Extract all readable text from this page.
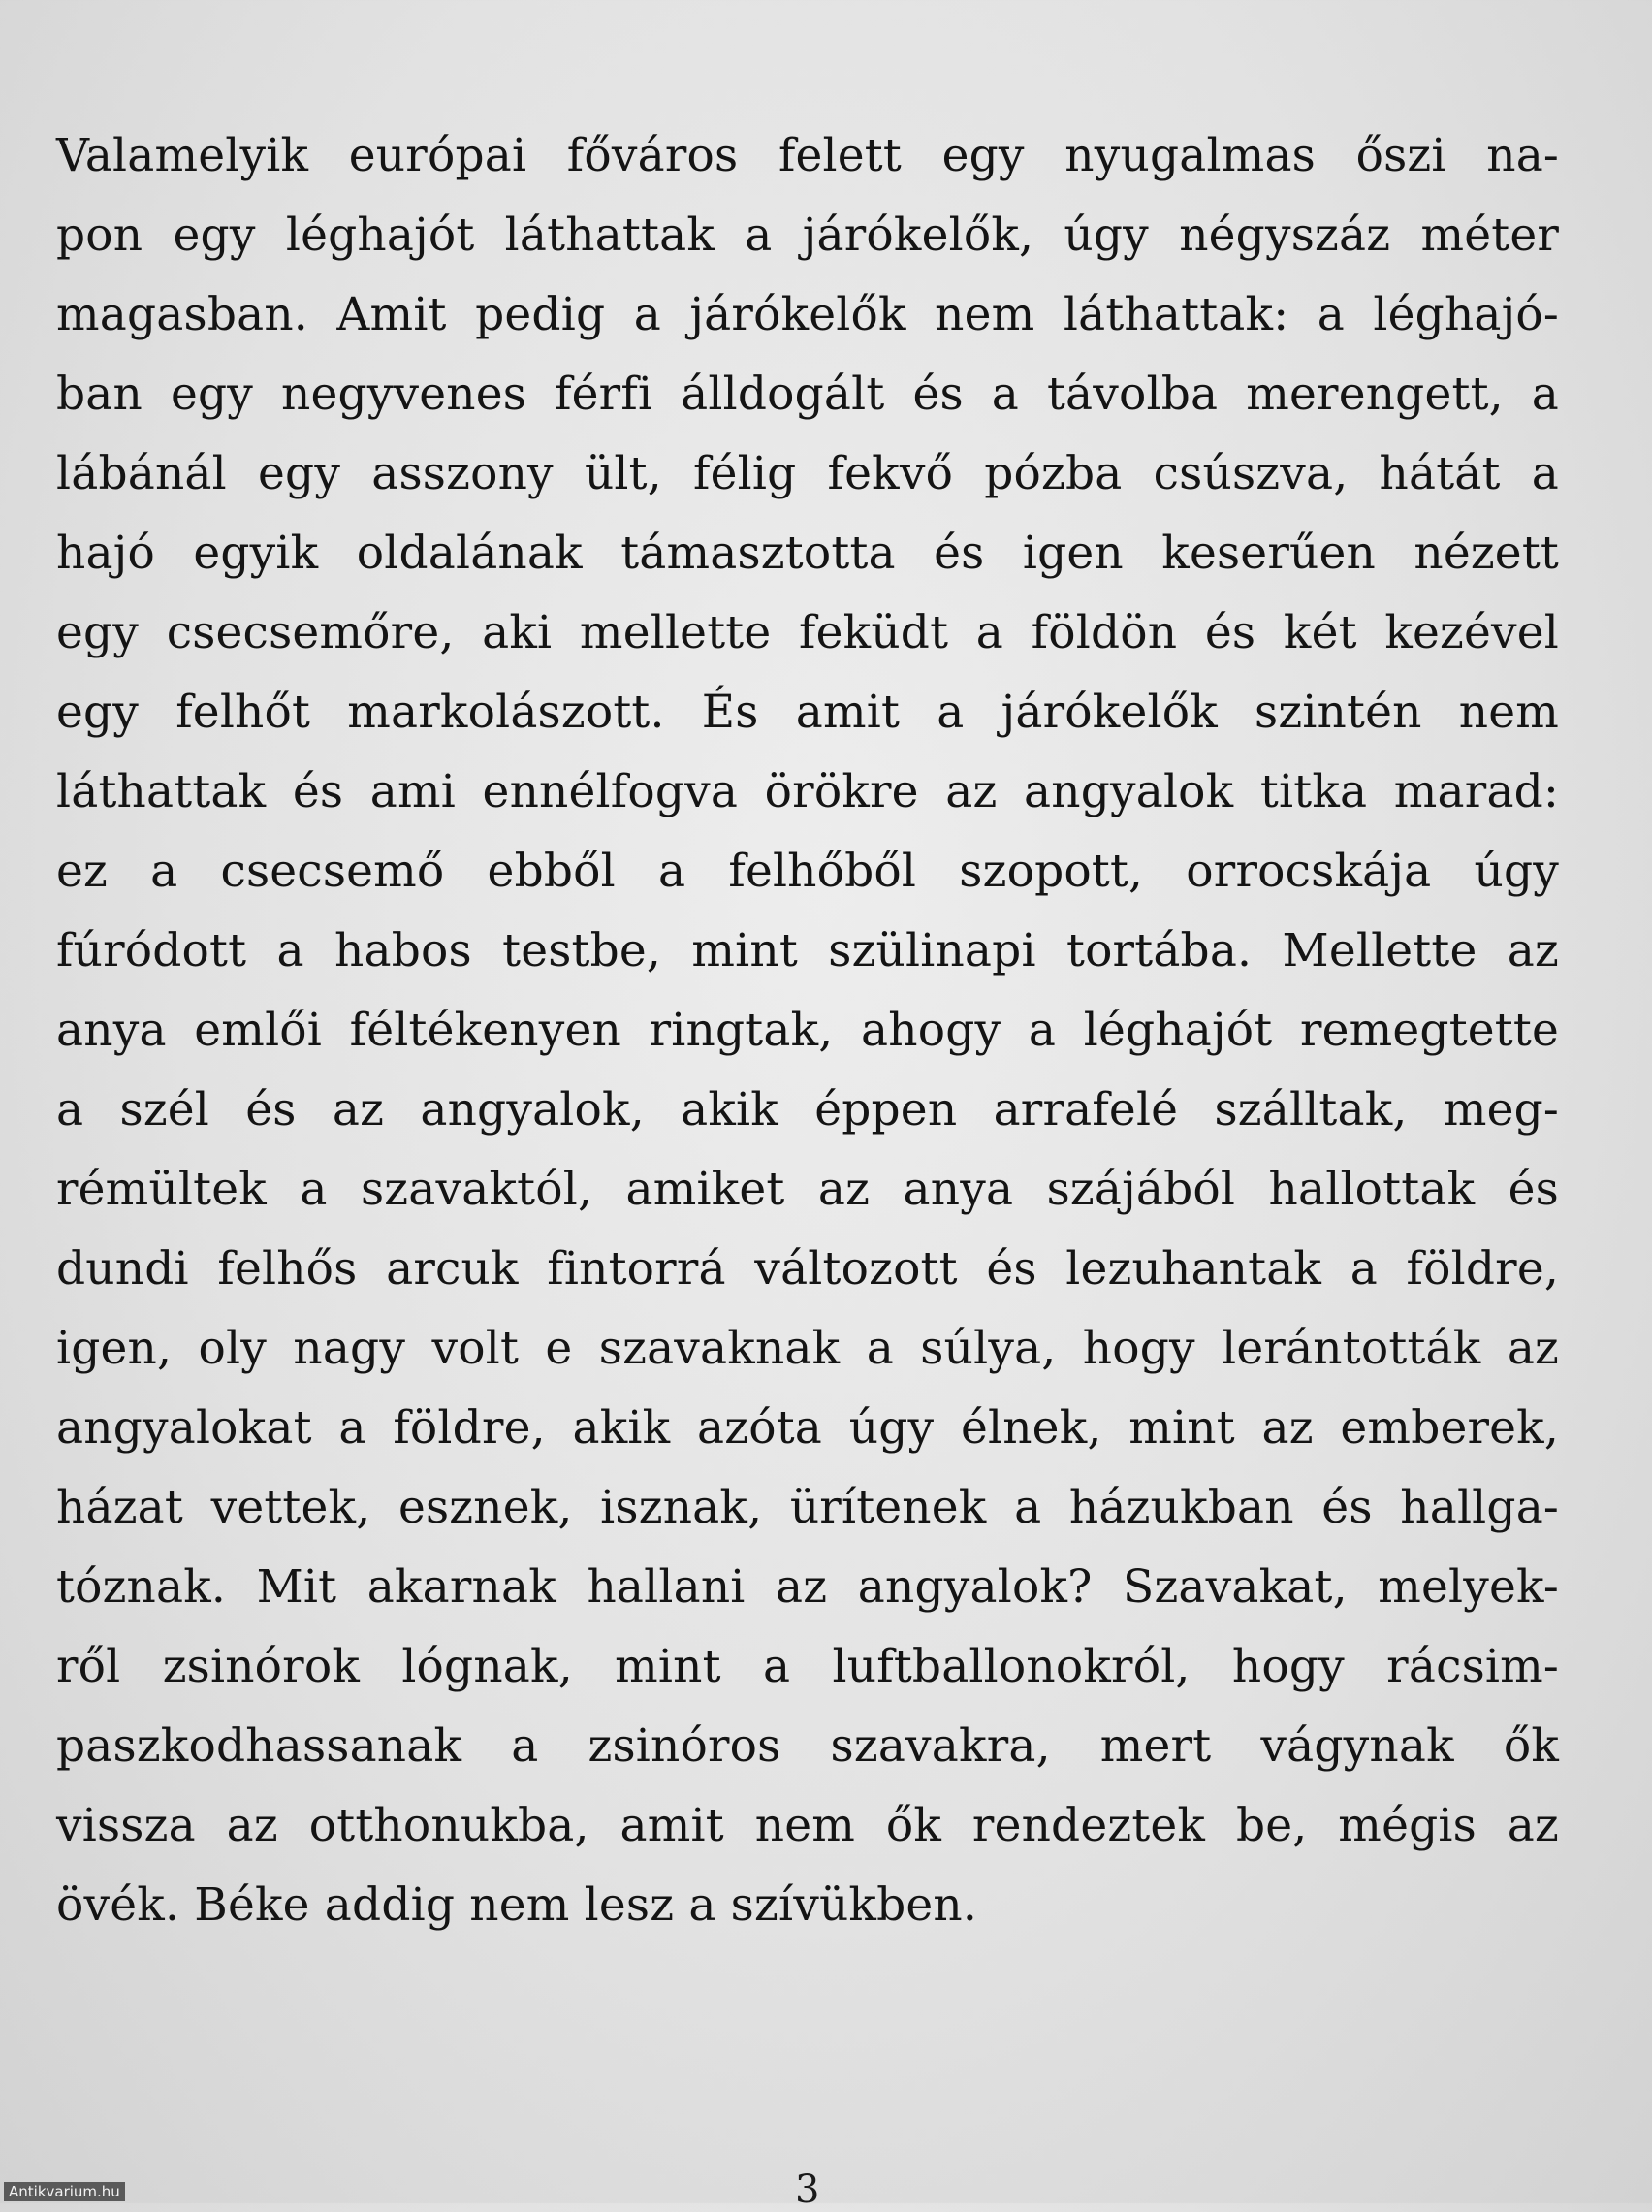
Valamelyik európai főváros felett egy nyugalmas őszi na-
pon egy léghajót láthattak a járókelők, úgy négyszáz méter
magasban. Amit pedig a járókelők nem láthattak: a léghajó-
ban egy negyvenes férfi álldogált és a távolba merengett, a
lábánál egy asszony ült, félig fekvő pózba csúszva, hátát a
hajó egyik oldalának támasztotta és igen keserűen nézett
egy csecsemőre, aki mellette feküdt a földön és két kezével
egy felhőt markolászott. És amit a járókelők szintén nem
láthattak és ami ennélfogva örökre az angyalok titka marad:
ez a csecsemő ebből a felhőből szopott, orrocskája úgy
fúródott a habos testbe, mint szülinapi tortába. Mellette az
anya emlői féltékenyen ringtak, ahogy a léghajót remegtette
a szél és az angyalok, akik éppen arrafelé szálltak, meg-
rémültek a szavaktól, amiket az anya szájából hallottak és
dundi felhős arcuk fintorrá változott és lezuhantak a földre,
igen, oly nagy volt e szavaknak a súlya, hogy lerántották az
angyalokat a földre, akik azóta úgy élnek, mint az emberek,
házat vettek, esznek, isznak, ürítenek a házukban és hallga-
tóznak. Mit akarnak hallani az angyalok? Szavakat, melyek-
ről zsinórok lógnak, mint a luftballonokról, hogy rácsim-
paszkodhassanak a zsinóros szavakra, mert vágynak ők
vissza az otthonukba, amit nem ők rendeztek be, mégis az
övék. Béke addig nem lesz a szívükben.
3
Antikvarium.hu
